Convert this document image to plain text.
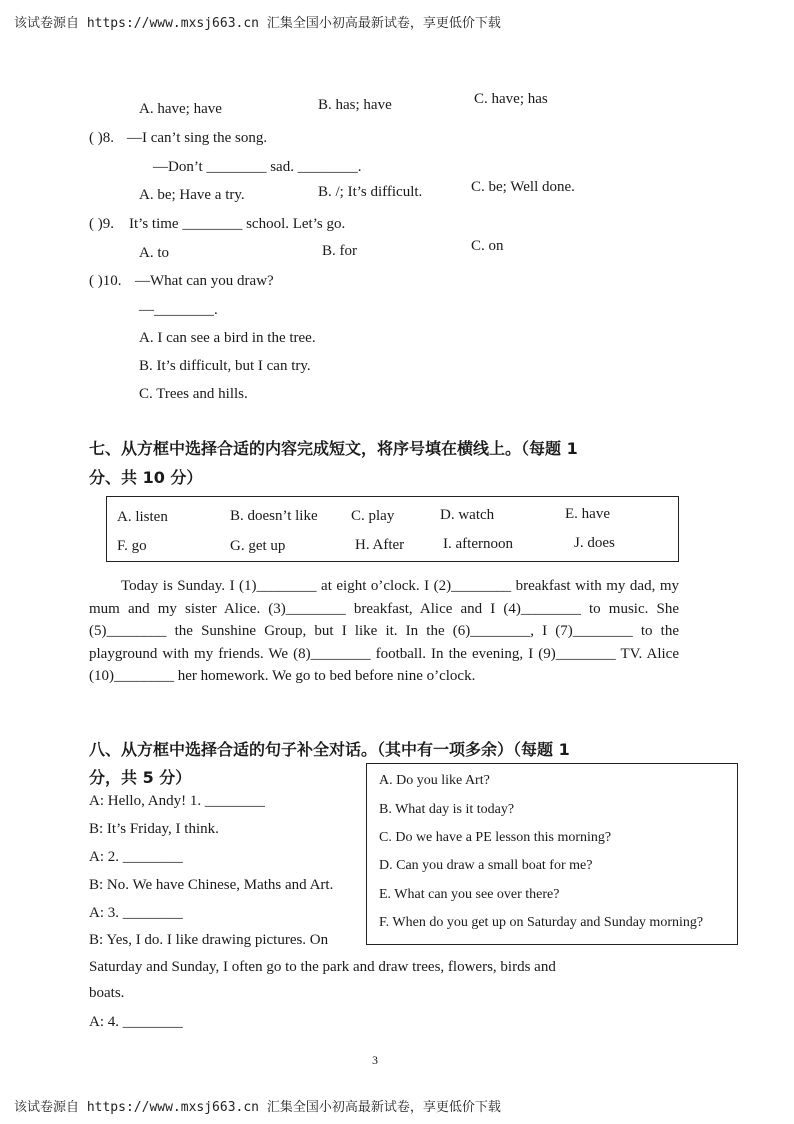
该试卷源自 https://www.mxsj663.cn 汇集全国小初高最新试卷，享更低价下载
A. have; have	B. has; have	C. have; has
( )8. —I can’t sing the song.
—Don’t ________ sad. ________.
A. be; Have a try.	B. /; It’s difficult.	C. be; Well done.
( )9. It’s time ________ school. Let’s go.
A. to	B. for	C. on
( )10. —What can you draw?
—________.
A. I can see a bird in the tree.
B. It’s difficult, but I can try.
C. Trees and hills.
七、从方框中选择合适的内容完成短文，将序号填在横线上。（每题 1
分、共 10 分）
A. listen	B. doesn’t like C. play	D. watch	E. have
F. go	G. get up	H. After	I. afternoon	J. does

Today is Sunday. I (1)________ at eight o’clock. I (2)________ breakfast with my dad, my mum and my sister Alice. (3)________ breakfast, Alice and I (4)________ to music. She (5)________ the Sunshine Group, but I like it. In the (6)________, I (7)________ to the playground with my friends. We (8)________ football. In the evening, I (9)________ TV. Alice (10)________ her homework. We go to bed before nine o’clock.

八、从方框中选择合适的句子补全对话。（其中有一项多余）（每题 1
分，共 5 分）	A. Do you like Art?
B. What day is it today?
C. Do we have a PE lesson this morning?
D. Can you draw a small boat for me?
E. What can you see over there?
F. When do you get up on Saturday and Sunday morning?
A: Hello, Andy! 1. ________
B: It’s Friday, I think.
A: 2. ________
B: No. We have Chinese, Maths and Art.
A: 3. ________
B: Yes, I do. I like drawing pictures. On
Saturday and Sunday, I often go to the park and draw trees, flowers, birds and
boats.
A: 4. ________
3
该试卷源自 https://www.mxsj663.cn 汇集全国小初高最新试卷，享更低价下载
